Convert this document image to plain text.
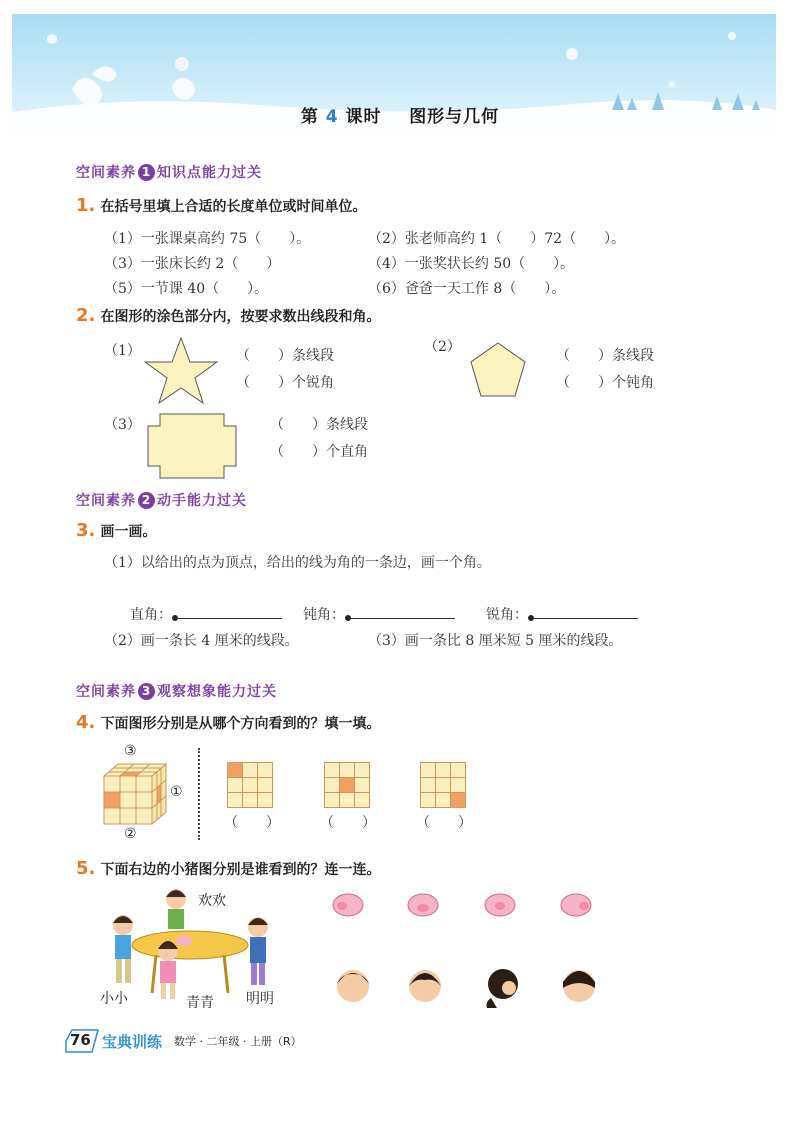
第 4 课时 图形与几何
空间素养 1 知识点能力过关
1. 在括号里填上合适的长度单位或时间单位。
（1）一张课桌高约 75（　　）。	（2）张老师高约 1（　　）72（　　）。
（3）一张床长约 2（　　）	（4）一张奖状长约 50（　　）。
（5）一节课 40（　　）。	（6）爸爸一天工作 8（　　）。
2. 在图形的涂色部分内，按要求数出线段和角。
（1）	（　　）条线段
（　　）个锐角
（2）
（　　）条线段
（　　）个钝角
（3）	（　　）条线段
（　　）个直角
空间素养 2 动手能力过关
3. 画一画。
（1）以给出的点为顶点，给出的线为角的一条边，画一个角。
直角：	钝角：	锐角：
（2）画一条长 4 厘米的线段。	（3）画一条比 8 厘米短 5 厘米的线段。
空间素养 3 观察想象能力过关
4. 下面图形分别是从哪个方向看到的？填一填。
③
①
②
（　　）	（　　）	（　　）
5. 下面右边的小猪图分别是谁看到的？连一连。
欢欢
小小	青青 明明
76 宝典训练 数学 · 二年级 · 上册（R）
